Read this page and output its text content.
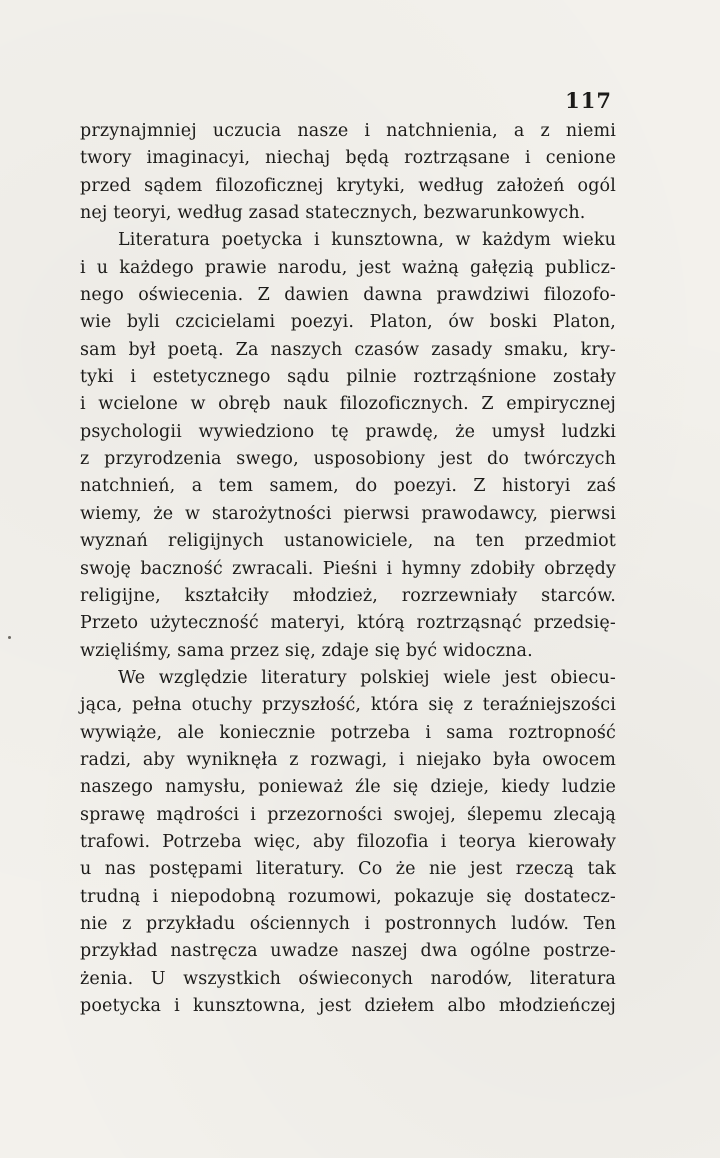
117
przynajmniej uczucia nasze i natchnienia, a z niemi
twory imaginacyi, niechaj będą roztrząsane i cenione
przed sądem filozoficznej krytyki, według założeń ogól
nej teoryi, według zasad statecznych, bezwarunkowych.
Literatura poetycka i kunsztowna, w każdym wieku
i u każdego prawie narodu, jest ważną gałęzią publicz-
nego oświecenia. Z dawien dawna prawdziwi filozofo-
wie byli czcicielami poezyi. Platon, ów boski Platon,
sam był poetą. Za naszych czasów zasady smaku, kry-
tyki i estetycznego sądu pilnie roztrząśnione zostały
i wcielone w obręb nauk filozoficznych. Z empirycznej
psychologii wywiedziono tę prawdę, że umysł ludzki
z przyrodzenia swego, usposobiony jest do twórczych
natchnień, a tem samem, do poezyi. Z historyi zaś
wiemy, że w starożytności pierwsi prawodawcy, pierwsi
wyznań religijnych ustanowiciele, na ten przedmiot
swoję baczność zwracali. Pieśni i hymny zdobiły obrzędy
religijne, kształciły młodzież, rozrzewniały starców.
Przeto użyteczność materyi, którą roztrząsnąć przedsię-
wzięliśmy, sama przez się, zdaje się być widoczna.
We względzie literatury polskiej wiele jest obiecu-
jąca, pełna otuchy przyszłość, która się z teraźniejszości
wywiąże, ale koniecznie potrzeba i sama roztropność
radzi, aby wyniknęła z rozwagi, i niejako była owocem
naszego namysłu, ponieważ źle się dzieje, kiedy ludzie
sprawę mądrości i przezorności swojej, ślepemu zlecają
trafowi. Potrzeba więc, aby filozofia i teorya kierowały
u nas postępami literatury. Co że nie jest rzeczą tak
trudną i niepodobną rozumowi, pokazuje się dostatecz-
nie z przykładu ościennych i postronnych ludów. Ten
przykład nastręcza uwadze naszej dwa ogólne postrze-
żenia. U wszystkich oświeconych narodów, literatura
poetycka i kunsztowna, jest dziełem albo młodzieńczej
